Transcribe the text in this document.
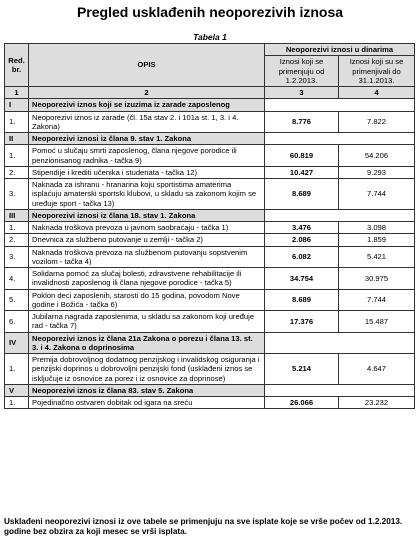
Pregled usklađenih neoporezivih iznosa
Tabela 1
Red. br.	OPIS	Neoporezivi iznosi u dinarima	
		Iznosi koji se primenjuju od 1.2.2013.	Iznosi koji su se primenjivali do 31.1.2013.
1	2	3	4
I	Neoporezivi iznos koji se izuzima iz zarade zaposlenog		
1.	Neoporezivi iznos iz zarade (čl. 15a stav 2. i 101a st. 1, 3. i 4. Zakona)	8.776	7.822
II	Neoporezivi iznosi iz člana 9. stav 1. Zakona		
1.	Pomoć u slučaju smrti zaposlenog, člana njegove porodice ili penzionisanog radnika - tačka 9)	60.819	54.206
2.	Stipendije i krediti učenika i studenata - tačka 12)	10.427	9.293
3.	Naknada za ishranu - hranarina koju sportistima amaterima isplaćuju amaterski sportski klubovi, u skladu sa zakonom kojim se uređuje sport - tačka 13)	8.689	7.744
III	Neoporezivi iznosi iz člana 18. stav 1. Zakona		
1.	Naknada troškova prevoza u javnom saobraćaju - tačka 1)	3.476	3.098
2.	Dnevnica za službeno putovanje u zemlji - tačka 2)	2.086	1.859
3.	Naknada troškova prevoza na službenom putovanju sopstvenim vozilom - tačka 4)	6.082	5.421
4.	Solidarna pomoć za slučaj bolesti, zdravstvene rehabilitacije ili invalidnosti zaposlenog ili člana njegove porodice - tačka 5)	34.754	30.975
5.	Poklon deci zaposlenih, starosti do 15 godina, povodom Nove godine i Božića - tačka 6)	8.689	7.744
6.	Jubilarna nagrada zaposlenima, u skladu sa zakonom koji uređuje rad - tačka 7)	17.376	15.487
IV	Neoporezivi iznos iz člana 21a Zakona o porezu i člana 13. st. 3. i 4. Zakona o doprinosima		
1.	Premija dobrovoljnog dodatnog penzijskog i invalidskog osiguranja i penzijski doprinos u dobrovoljni penzijski fond (usklađeni iznos se isključuje iz osnovice za porez i iz osnovice za doprinose)	5.214	4.647
V	Neoporezivi iznos iz člana 83. stav 5. Zakona		
1.	Pojedinačno ostvaren dobitak od igara na sreću	26.066	23.232
Usklađeni neoporezivi iznosi iz ove tabele se primenjuju na sve isplate koje se vrše počev od 1.2.2013. godine bez obzira za koji mesec se vrši isplata.
